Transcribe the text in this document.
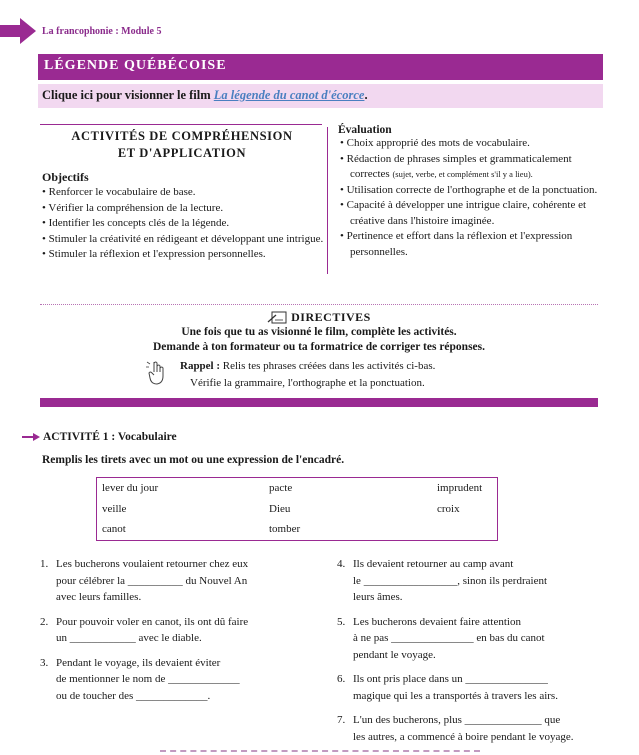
La francophonie : Module 5
LÉGENDE QUÉBÉCOISE
Clique ici pour visionner le film La légende du canot d'écorce.
ACTIVITÉS DE COMPRÉHENSION
ET D'APPLICATION
Objectifs
• Renforcer le vocabulaire de base.
• Vérifier la compréhension de la lecture.
• Identifier les concepts clés de la légende.
• Stimuler la créativité en rédigeant et développant une intrigue.
• Stimuler la réflexion et l'expression personnelles.
Évaluation
• Choix approprié des mots de vocabulaire.
• Rédaction de phrases simples et grammaticalement correctes (sujet, verbe, et complément s'il y a lieu).
• Utilisation correcte de l'orthographe et de la ponctuation.
• Capacité à développer une intrigue claire, cohérente et créative dans l'histoire imaginée.
• Pertinence et effort dans la réflexion et l'expression personnelles.
DIRECTIVES
Une fois que tu as visionné le film, complète les activités.
Demande à ton formateur ou ta formatrice de corriger tes réponses.
Rappel : Relis tes phrases créées dans les activités ci-bas.
Vérifie la grammaire, l'orthographe et la ponctuation.
ACTIVITÉ 1 : Vocabulaire
Remplis les tirets avec un mot ou une expression de l'encadré.
lever du jour	pacte	imprudent
veille	Dieu	croix
canot	tomber
1. Les bucherons voulaient retourner chez eux
pour célébrer la __________ du Nouvel An
avec leurs familles.
2. Pour pouvoir voler en canot, ils ont dû faire
un ____________ avec le diable.
3. Pendant le voyage, ils devaient éviter
de mentionner le nom de _____________
ou de toucher des _____________.
4. Ils devaient retourner au camp avant
le _________________, sinon ils perdraient
leurs âmes.
5. Les bucherons devaient faire attention
à ne pas _______________ en bas du canot
pendant le voyage.
6. Ils ont pris place dans un _______________
magique qui les a transportés à travers les airs.
7. L'un des bucherons, plus ______________ que
les autres, a commencé à boire pendant le voyage.
